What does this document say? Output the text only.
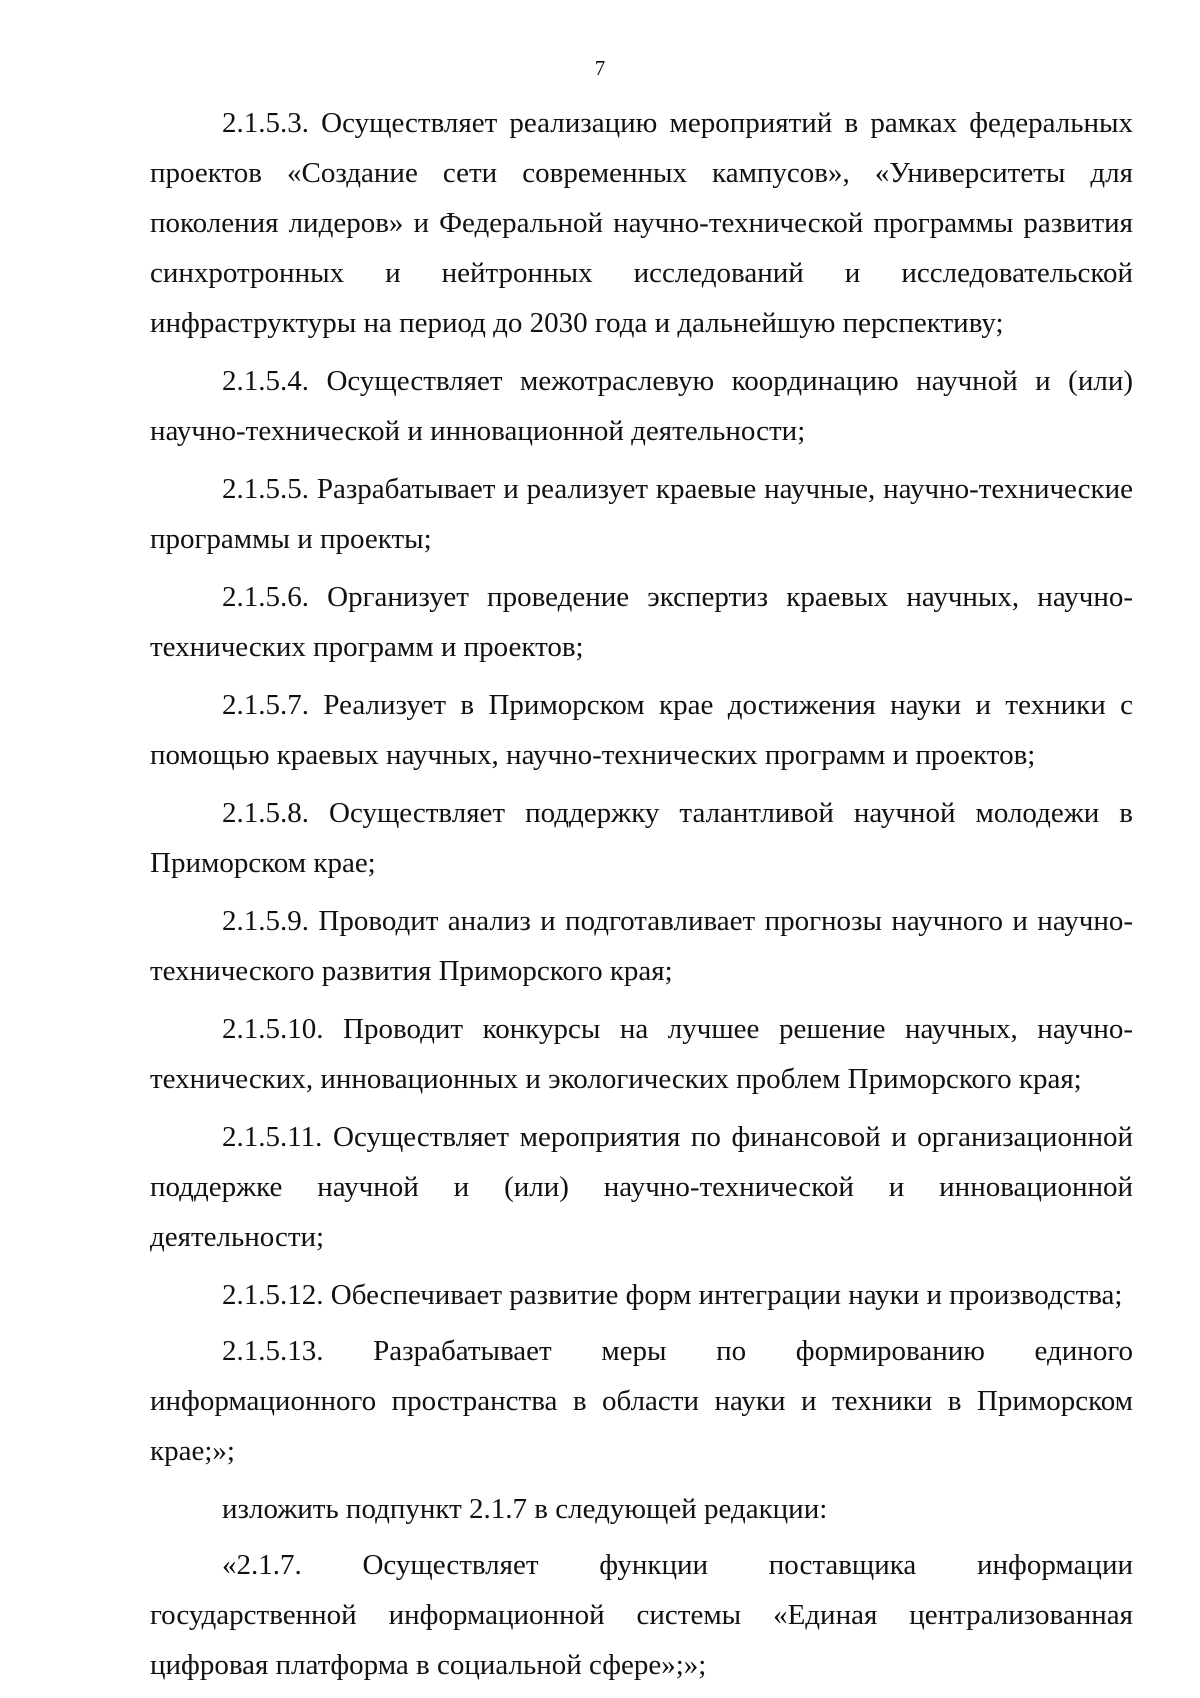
7

2.1.5.3. Осуществляет реализацию мероприятий в рамках федеральных проектов «Создание сети современных кампусов», «Университеты для поколения лидеров» и Федеральной научно-технической программы развития синхротронных и нейтронных исследований и исследовательской инфраструктуры на период до 2030 года и дальнейшую перспективу;

2.1.5.4. Осуществляет межотраслевую координацию научной и (или) научно-технической и инновационной деятельности;

2.1.5.5. Разрабатывает и реализует краевые научные, научно-технические программы и проекты;

2.1.5.6. Организует проведение экспертиз краевых научных, научно-технических программ и проектов;

2.1.5.7. Реализует в Приморском крае достижения науки и техники с помощью краевых научных, научно-технических программ и проектов;

2.1.5.8. Осуществляет поддержку талантливой научной молодежи в Приморском крае;

2.1.5.9. Проводит анализ и подготавливает прогнозы научного и научно-технического развития Приморского края;

2.1.5.10. Проводит конкурсы на лучшее решение научных, научно-технических, инновационных и экологических проблем Приморского края;

2.1.5.11. Осуществляет мероприятия по финансовой и организационной поддержке научной и (или) научно-технической и инновационной деятельности;

2.1.5.12. Обеспечивает развитие форм интеграции науки и производства;

2.1.5.13. Разрабатывает меры по формированию единого информационного пространства в области науки и техники в Приморском крае;»;

изложить подпункт 2.1.7 в следующей редакции:

«2.1.7. Осуществляет функции поставщика информации государственной информационной системы «Единая централизованная цифровая платформа в социальной сфере»;»;
